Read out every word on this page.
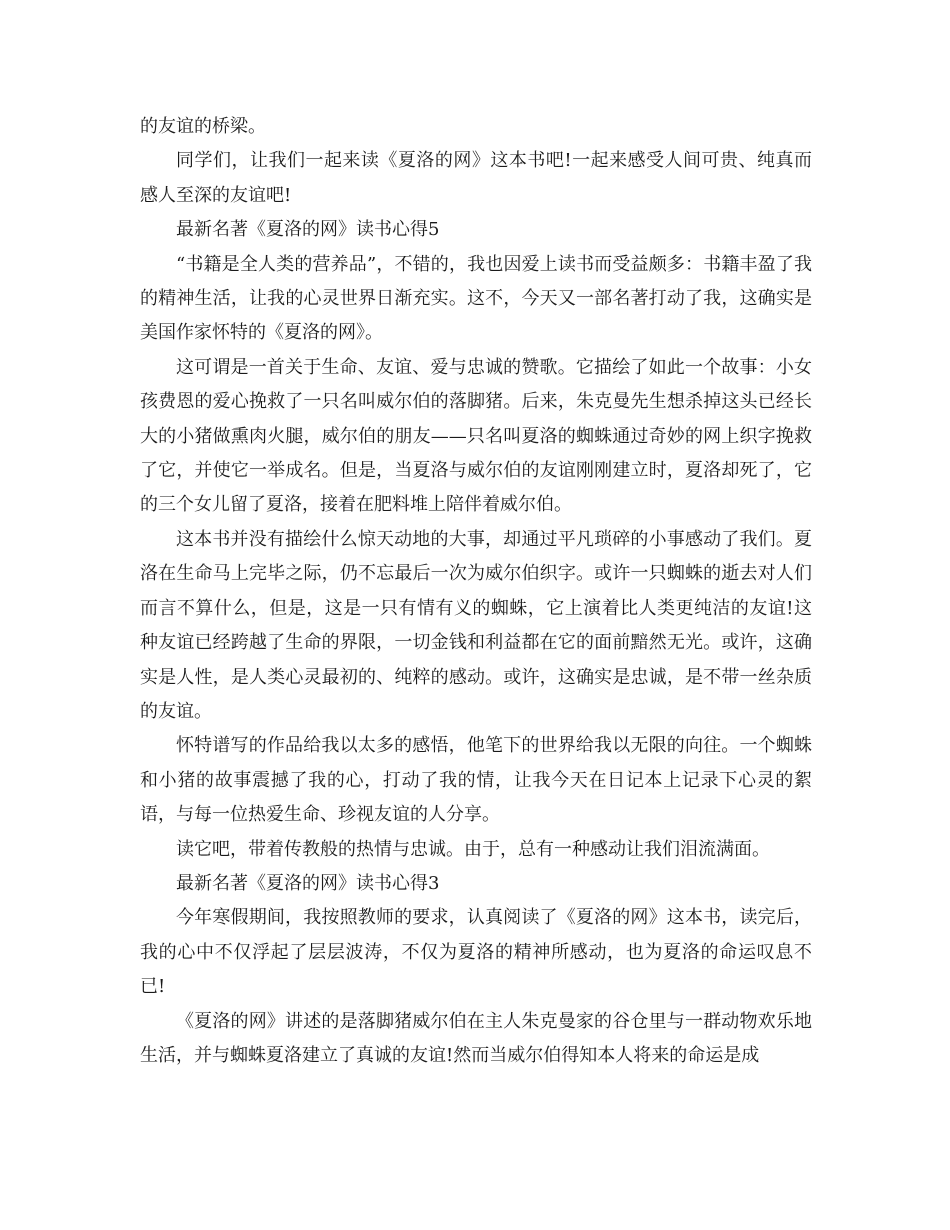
的友谊的桥梁。

同学们，让我们一起来读《夏洛的网》这本书吧!一起来感受人间可贵、纯真而感人至深的友谊吧!

最新名著《夏洛的网》读书心得5

“书籍是全人类的营养品”，不错的，我也因爱上读书而受益颇多：书籍丰盈了我的精神生活，让我的心灵世界日渐充实。这不，今天又一部名著打动了我，这确实是美国作家怀特的《夏洛的网》。

这可谓是一首关于生命、友谊、爱与忠诚的赞歌。它描绘了如此一个故事：小女孩费恩的爱心挽救了一只名叫威尔伯的落脚猪。后来，朱克曼先生想杀掉这头已经长大的小猪做熏肉火腿，威尔伯的朋友——只名叫夏洛的蜘蛛通过奇妙的网上织字挽救了它，并使它一举成名。但是，当夏洛与威尔伯的友谊刚刚建立时，夏洛却死了，它的三个女儿留了夏洛，接着在肥料堆上陪伴着威尔伯。

这本书并没有描绘什么惊天动地的大事，却通过平凡琐碎的小事感动了我们。夏洛在生命马上完毕之际，仍不忘最后一次为威尔伯织字。或许一只蜘蛛的逝去对人们而言不算什么，但是，这是一只有情有义的蜘蛛，它上演着比人类更纯洁的友谊!这种友谊已经跨越了生命的界限，一切金钱和利益都在它的面前黯然无光。或许，这确实是人性，是人类心灵最初的、纯粹的感动。或许，这确实是忠诚，是不带一丝杂质的友谊。

怀特谱写的作品给我以太多的感悟，他笔下的世界给我以无限的向往。一个蜘蛛和小猪的故事震撼了我的心，打动了我的情，让我今天在日记本上记录下心灵的絮语，与每一位热爱生命、珍视友谊的人分享。

读它吧，带着传教般的热情与忠诚。由于，总有一种感动让我们泪流满面。

最新名著《夏洛的网》读书心得3

今年寒假期间，我按照教师的要求，认真阅读了《夏洛的网》这本书，读完后，我的心中不仅浮起了层层波涛，不仅为夏洛的精神所感动，也为夏洛的命运叹息不已!

《夏洛的网》讲述的是落脚猪威尔伯在主人朱克曼家的谷仓里与一群动物欢乐地生活，并与蜘蛛夏洛建立了真诚的友谊!然而当威尔伯得知本人将来的命运是成
